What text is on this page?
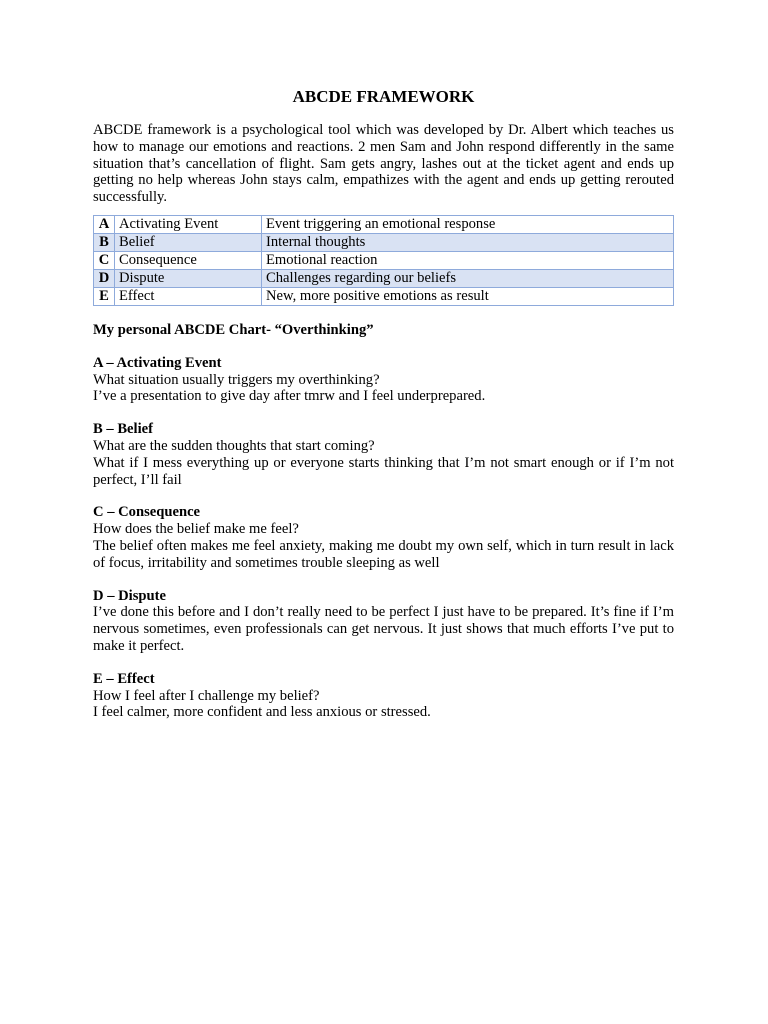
ABCDE FRAMEWORK

ABCDE framework is a psychological tool which was developed by Dr. Albert which teaches us how to manage our emotions and reactions. 2 men Sam and John respond differently in the same situation that’s cancellation of flight. Sam gets angry, lashes out at the ticket agent and ends up getting no help whereas John stays calm, empathizes with the agent and ends up getting rerouted successfully.

A	Activating Event	Event triggering an emotional response
B	Belief	Internal thoughts
C	Consequence	Emotional reaction
D	Dispute	Challenges regarding our beliefs
E	Effect	New, more positive emotions as result

My personal ABCDE Chart- “Overthinking”

A – Activating Event

What situation usually triggers my overthinking?

I’ve a presentation to give day after tmrw and I feel underprepared.

B – Belief

What are the sudden thoughts that start coming?

What if I mess everything up or everyone starts thinking that I’m not smart enough or if I’m not perfect, I’ll fail

C – Consequence

How does the belief make me feel?

The belief often makes me feel anxiety, making me doubt my own self, which in turn result in lack of focus, irritability and sometimes trouble sleeping as well

D – Dispute

I’ve done this before and I don’t really need to be perfect I just have to be prepared. It’s fine if I’m nervous sometimes, even professionals can get nervous. It just shows that much efforts I’ve put to make it perfect.

E – Effect

How I feel after I challenge my belief?

I feel calmer, more confident and less anxious or stressed.
